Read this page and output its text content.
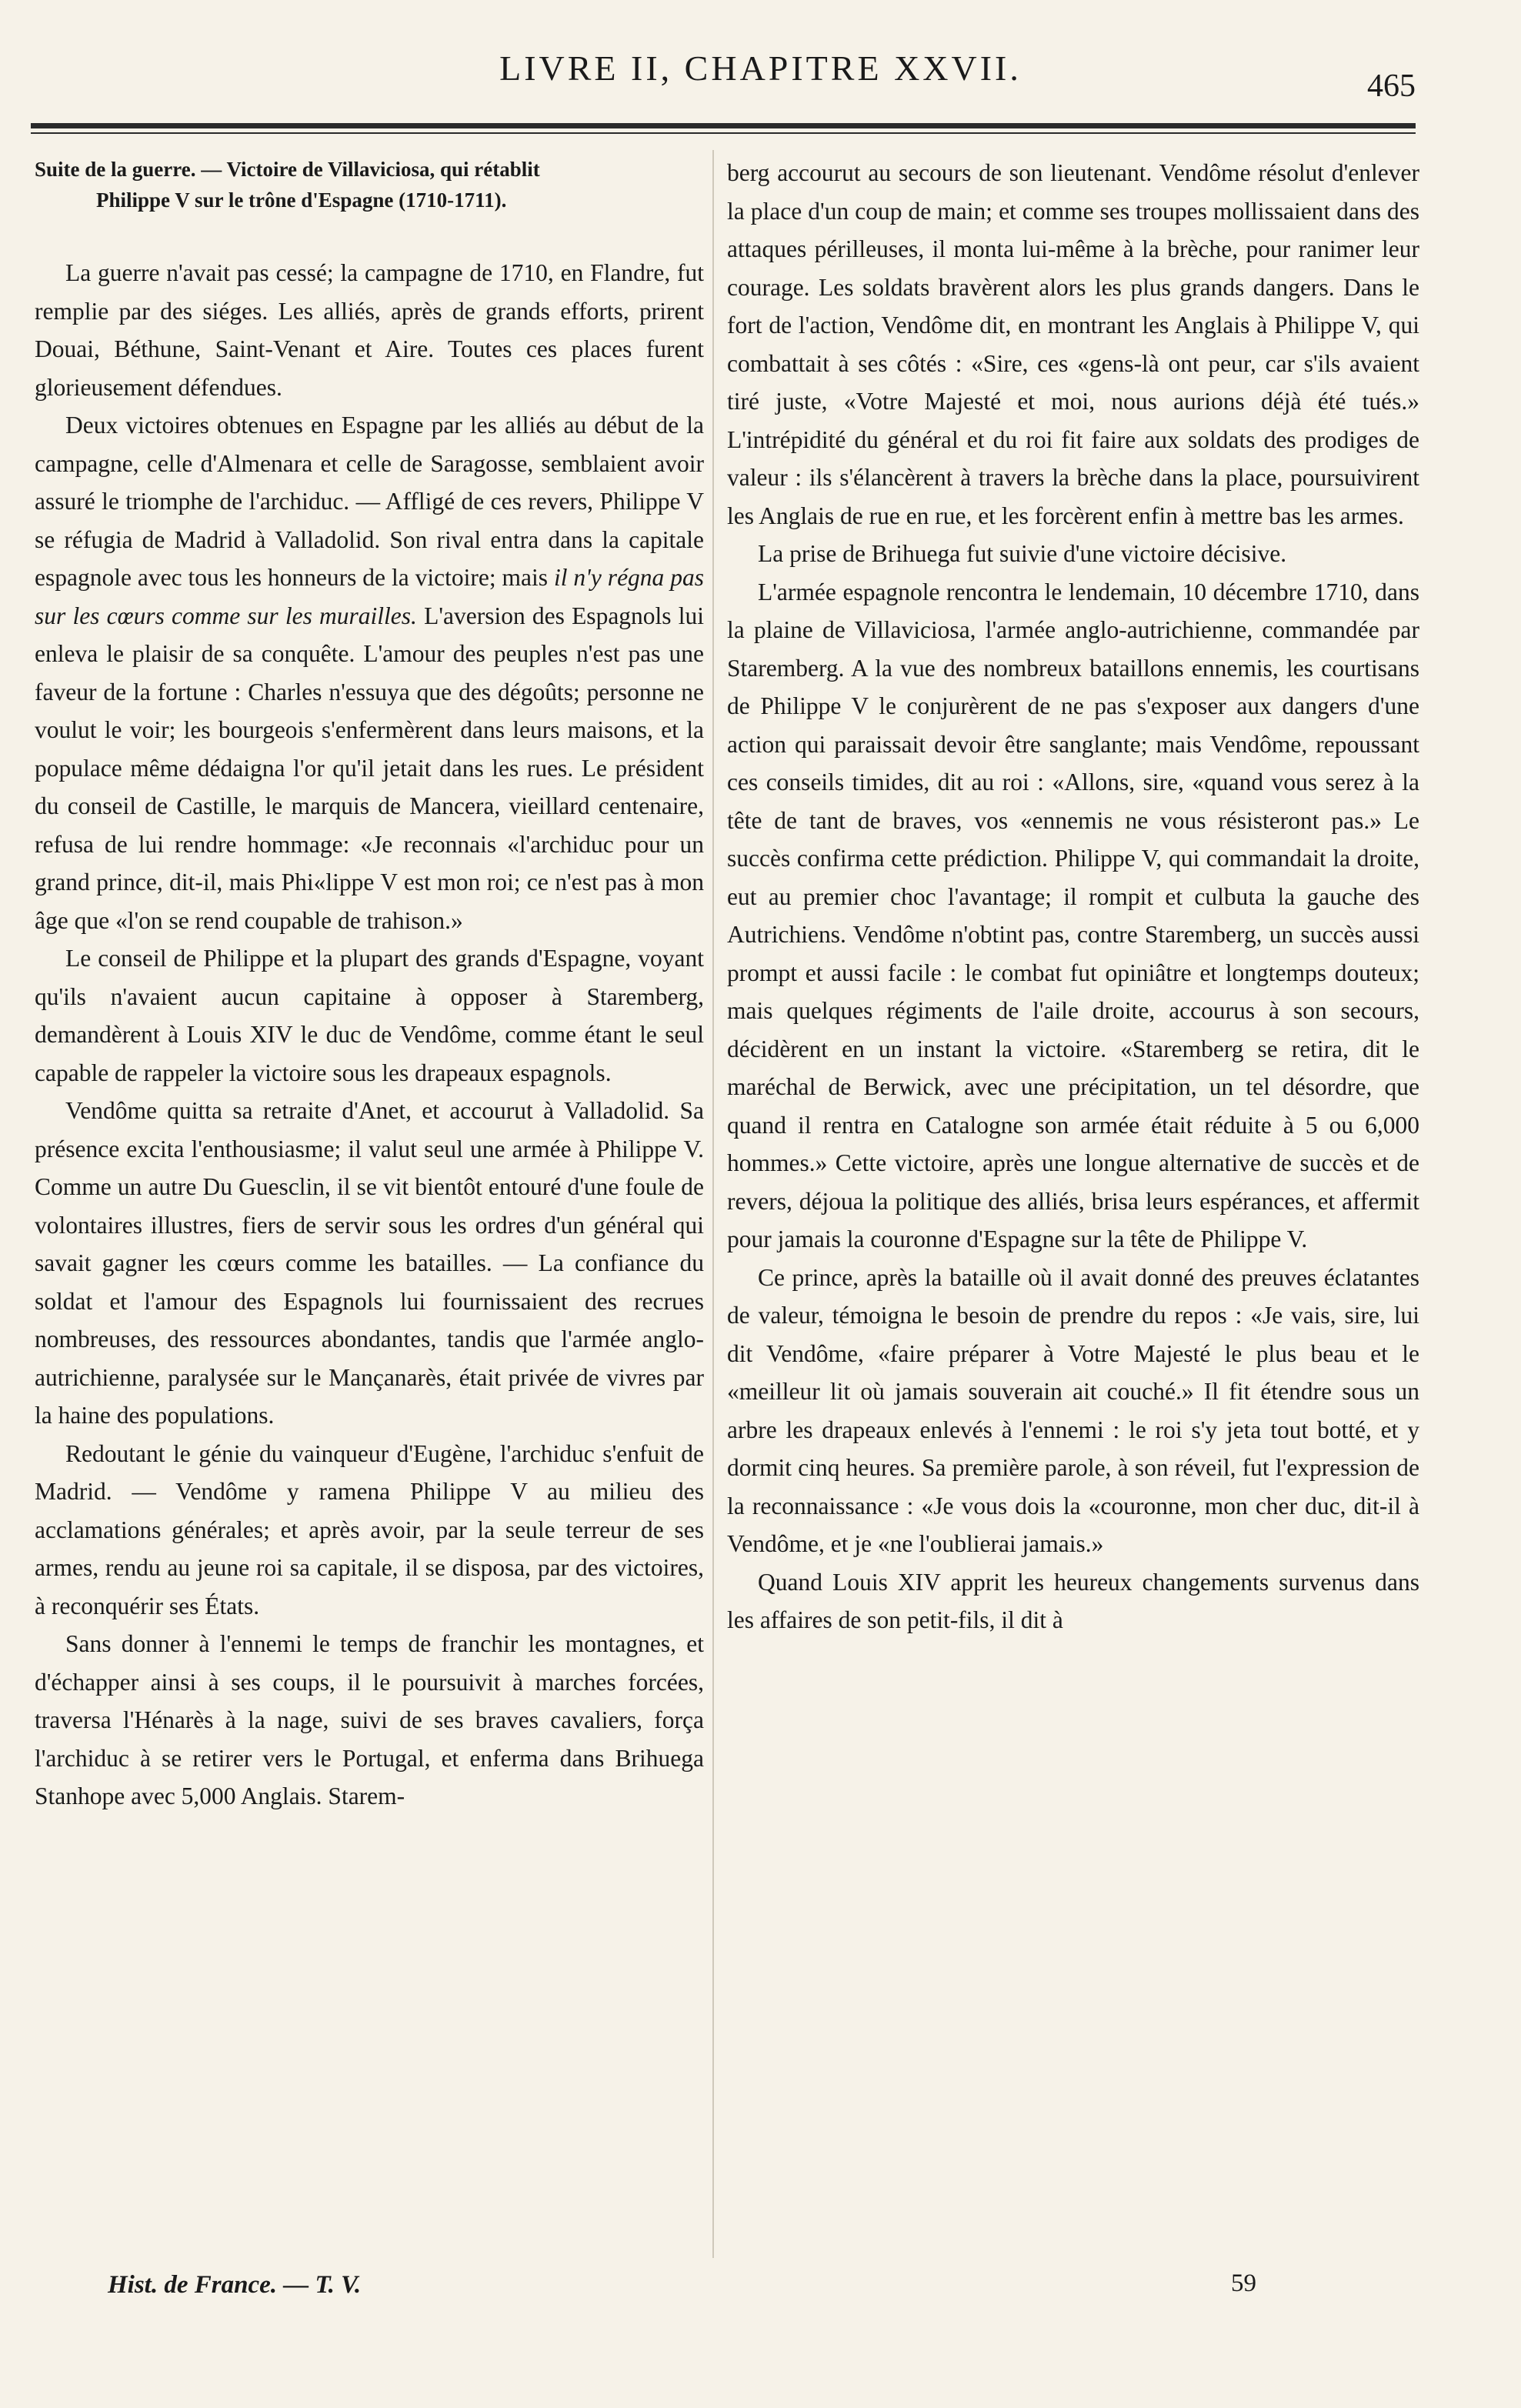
LIVRE II, CHAPITRE XXVII.	465
Suite de la guerre. — Victoire de Villaviciosa, qui rétablit
Philippe V sur le trône d'Espagne (1710-1711).

La guerre n'avait pas cessé; la campagne de 1710, en Flandre, fut remplie par des siéges. Les alliés, après de grands efforts, prirent Douai, Béthune, Saint-Venant et Aire. Toutes ces places furent glorieusement défendues.

Deux victoires obtenues en Espagne par les alliés au début de la campagne, celle d'Almenara et celle de Saragosse, semblaient avoir assuré le triomphe de l'archiduc. — Affligé de ces revers, Philippe V se réfugia de Madrid à Valladolid. Son rival entra dans la capitale espagnole avec tous les honneurs de la victoire; mais il n'y régna pas sur les cœurs comme sur les murailles. L'aversion des Espagnols lui enleva le plaisir de sa conquête. L'amour des peuples n'est pas une faveur de la fortune : Charles n'essuya que des dégoûts; personne ne voulut le voir; les bourgeois s'enfermèrent dans leurs maisons, et la populace même dédaigna l'or qu'il jetait dans les rues. Le président du conseil de Castille, le marquis de Mancera, vieillard centenaire, refusa de lui rendre hommage: «Je reconnais «l'archiduc pour un grand prince, dit-il, mais Phi«lippe V est mon roi; ce n'est pas à mon âge que «l'on se rend coupable de trahison.»

Le conseil de Philippe et la plupart des grands d'Espagne, voyant qu'ils n'avaient aucun capitaine à opposer à Staremberg, demandèrent à Louis XIV le duc de Vendôme, comme étant le seul capable de rappeler la victoire sous les drapeaux espagnols.

Vendôme quitta sa retraite d'Anet, et accourut à Valladolid. Sa présence excita l'enthousiasme; il valut seul une armée à Philippe V. Comme un autre Du Guesclin, il se vit bientôt entouré d'une foule de volontaires illustres, fiers de servir sous les ordres d'un général qui savait gagner les cœurs comme les batailles. — La confiance du soldat et l'amour des Espagnols lui fournissaient des recrues nombreuses, des ressources abondantes, tandis que l'armée anglo-autrichienne, paralysée sur le Mançanarès, était privée de vivres par la haine des populations.

Redoutant le génie du vainqueur d'Eugène, l'archiduc s'enfuit de Madrid. — Vendôme y ramena Philippe V au milieu des acclamations générales; et après avoir, par la seule terreur de ses armes, rendu au jeune roi sa capitale, il se disposa, par des victoires, à reconquérir ses États.

Sans donner à l'ennemi le temps de franchir les montagnes, et d'échapper ainsi à ses coups, il le poursuivit à marches forcées, traversa l'Hénarès à la nage, suivi de ses braves cavaliers, força l'archiduc à se retirer vers le Portugal, et enferma dans Brihuega Stanhope avec 5,000 Anglais. Starem-

berg accourut au secours de son lieutenant. Vendôme résolut d'enlever la place d'un coup de main; et comme ses troupes mollissaient dans des attaques périlleuses, il monta lui-même à la brèche, pour ranimer leur courage. Les soldats bravèrent alors les plus grands dangers. Dans le fort de l'action, Vendôme dit, en montrant les Anglais à Philippe V, qui combattait à ses côtés : «Sire, ces «gens-là ont peur, car s'ils avaient tiré juste, «Votre Majesté et moi, nous aurions déjà été tués.» L'intrépidité du général et du roi fit faire aux soldats des prodiges de valeur : ils s'élancèrent à travers la brèche dans la place, poursuivirent les Anglais de rue en rue, et les forcèrent enfin à mettre bas les armes.

La prise de Brihuega fut suivie d'une victoire décisive.

L'armée espagnole rencontra le lendemain, 10 décembre 1710, dans la plaine de Villaviciosa, l'armée anglo-autrichienne, commandée par Staremberg. A la vue des nombreux bataillons ennemis, les courtisans de Philippe V le conjurèrent de ne pas s'exposer aux dangers d'une action qui paraissait devoir être sanglante; mais Vendôme, repoussant ces conseils timides, dit au roi : «Allons, sire, «quand vous serez à la tête de tant de braves, vos «ennemis ne vous résisteront pas.» Le succès confirma cette prédiction. Philippe V, qui commandait la droite, eut au premier choc l'avantage; il rompit et culbuta la gauche des Autrichiens. Vendôme n'obtint pas, contre Staremberg, un succès aussi prompt et aussi facile : le combat fut opiniâtre et longtemps douteux; mais quelques régiments de l'aile droite, accourus à son secours, décidèrent en un instant la victoire. «Staremberg se retira, dit le maréchal de Berwick, avec une précipitation, un tel désordre, que quand il rentra en Catalogne son armée était réduite à 5 ou 6,000 hommes.» Cette victoire, après une longue alternative de succès et de revers, déjoua la politique des alliés, brisa leurs espérances, et affermit pour jamais la couronne d'Espagne sur la tête de Philippe V.

Ce prince, après la bataille où il avait donné des preuves éclatantes de valeur, témoigna le besoin de prendre du repos : «Je vais, sire, lui dit Vendôme, «faire préparer à Votre Majesté le plus beau et le «meilleur lit où jamais souverain ait couché.» Il fit étendre sous un arbre les drapeaux enlevés à l'ennemi : le roi s'y jeta tout botté, et y dormit cinq heures. Sa première parole, à son réveil, fut l'expression de la reconnaissance : «Je vous dois la «couronne, mon cher duc, dit-il à Vendôme, et je «ne l'oublierai jamais.»

Quand Louis XIV apprit les heureux changements survenus dans les affaires de son petit-fils, il dit à

Hist. de France. — T. V.	59
